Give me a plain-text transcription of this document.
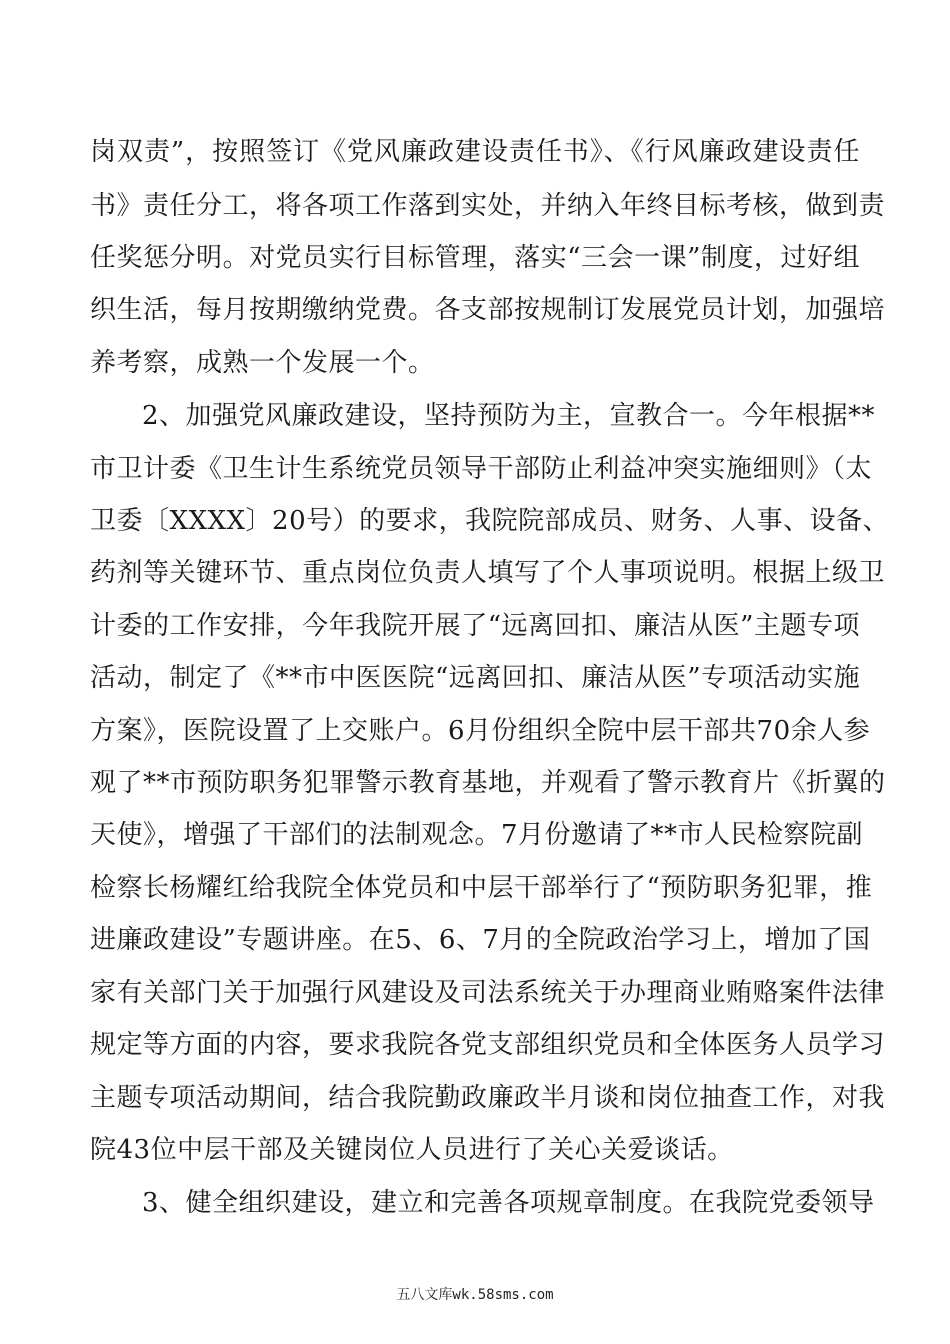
岗双责”，按照签订《党风廉政建设责任书》、《行风廉政建设责任
书》责任分工，将各项工作落到实处，并纳入年终目标考核，做到责
任奖惩分明。对党员实行目标管理，落实“三会一课”制度，过好组
织生活，每月按期缴纳党费。各支部按规制订发展党员计划，加强培
养考察，成熟一个发展一个。
2、加强党风廉政建设，坚持预防为主，宣教合一。今年根据**
市卫计委《卫生计生系统党员领导干部防止利益冲突实施细则》（太
卫委〔XXXX〕20号）的要求，我院院部成员、财务、人事、设备、
药剂等关键环节、重点岗位负责人填写了个人事项说明。根据上级卫
计委的工作安排，今年我院开展了“远离回扣、廉洁从医”主题专项
活动，制定了《**市中医医院“远离回扣、廉洁从医”专项活动实施
方案》，医院设置了上交账户。6月份组织全院中层干部共70余人参
观了**市预防职务犯罪警示教育基地，并观看了警示教育片《折翼的
天使》，增强了干部们的法制观念。7月份邀请了**市人民检察院副
检察长杨耀红给我院全体党员和中层干部举行了“预防职务犯罪，推
进廉政建设”专题讲座。在5、6、7月的全院政治学习上，增加了国
家有关部门关于加强行风建设及司法系统关于办理商业贿赂案件法律
规定等方面的内容，要求我院各党支部组织党员和全体医务人员学习
主题专项活动期间，结合我院勤政廉政半月谈和岗位抽查工作，对我
院43位中层干部及关键岗位人员进行了关心关爱谈话。
3、健全组织建设，建立和完善各项规章制度。在我院党委领导
五八文库wk.58sms.com
